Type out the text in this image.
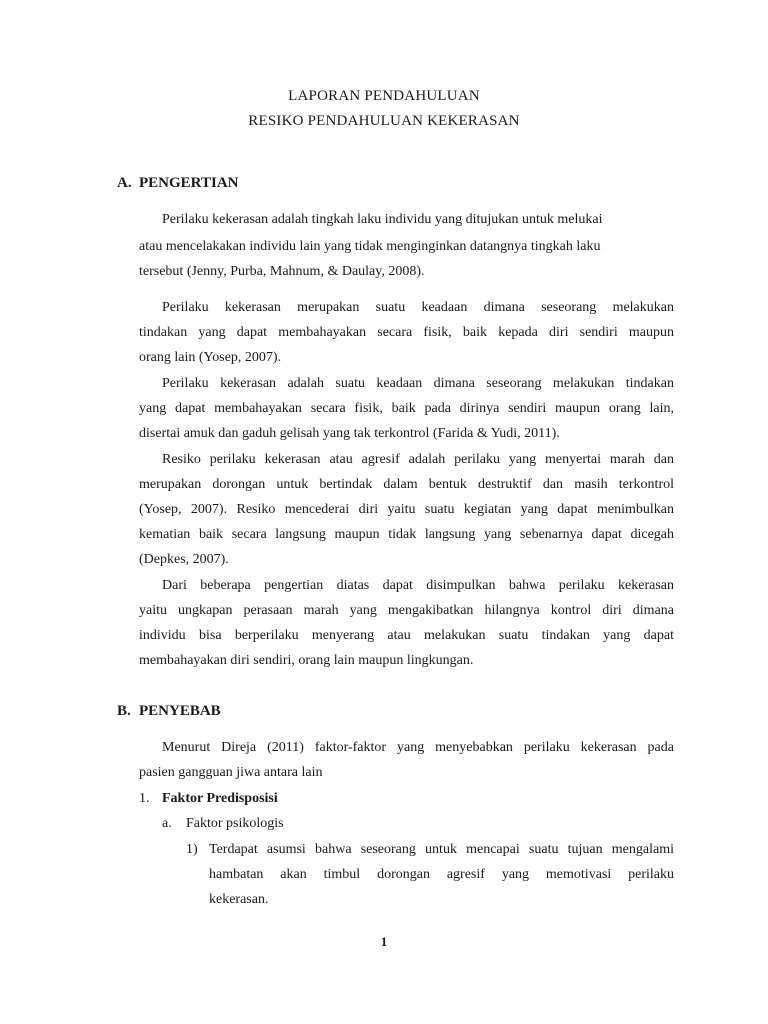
LAPORAN PENDAHULUAN
RESIKO PENDAHULUAN KEKERASAN
A. PENGERTIAN
Perilaku kekerasan adalah tingkah laku individu yang ditujukan untuk melukai
atau mencelakakan individu lain yang tidak menginginkan datangnya tingkah laku
tersebut (Jenny, Purba, Mahnum, & Daulay, 2008).
Perilaku kekerasan merupakan suatu keadaan dimana seseorang melakukan
tindakan yang dapat membahayakan secara fisik, baik kepada diri sendiri maupun
orang lain (Yosep, 2007).
Perilaku kekerasan adalah suatu keadaan dimana seseorang melakukan tindakan
yang dapat membahayakan secara fisik, baik pada dirinya sendiri maupun orang lain,
disertai amuk dan gaduh gelisah yang tak terkontrol (Farida & Yudi, 2011).
Resiko perilaku kekerasan atau agresif adalah perilaku yang menyertai marah dan
merupakan dorongan untuk bertindak dalam bentuk destruktif dan masih terkontrol
(Yosep, 2007). Resiko mencederai diri yaitu suatu kegiatan yang dapat menimbulkan
kematian baik secara langsung maupun tidak langsung yang sebenarnya dapat dicegah
(Depkes, 2007).
Dari beberapa pengertian diatas dapat disimpulkan bahwa perilaku kekerasan
yaitu ungkapan perasaan marah yang mengakibatkan hilangnya kontrol diri dimana
individu bisa berperilaku menyerang atau melakukan suatu tindakan yang dapat
membahayakan diri sendiri, orang lain maupun lingkungan.
B. PENYEBAB
Menurut Direja (2011) faktor-faktor yang menyebabkan perilaku kekerasan pada
pasien gangguan jiwa antara lain
1. Faktor Predisposisi
a. Faktor psikologis
1) Terdapat asumsi bahwa seseorang untuk mencapai suatu tujuan mengalami
hambatan akan timbul dorongan agresif yang memotivasi perilaku
kekerasan.
1
